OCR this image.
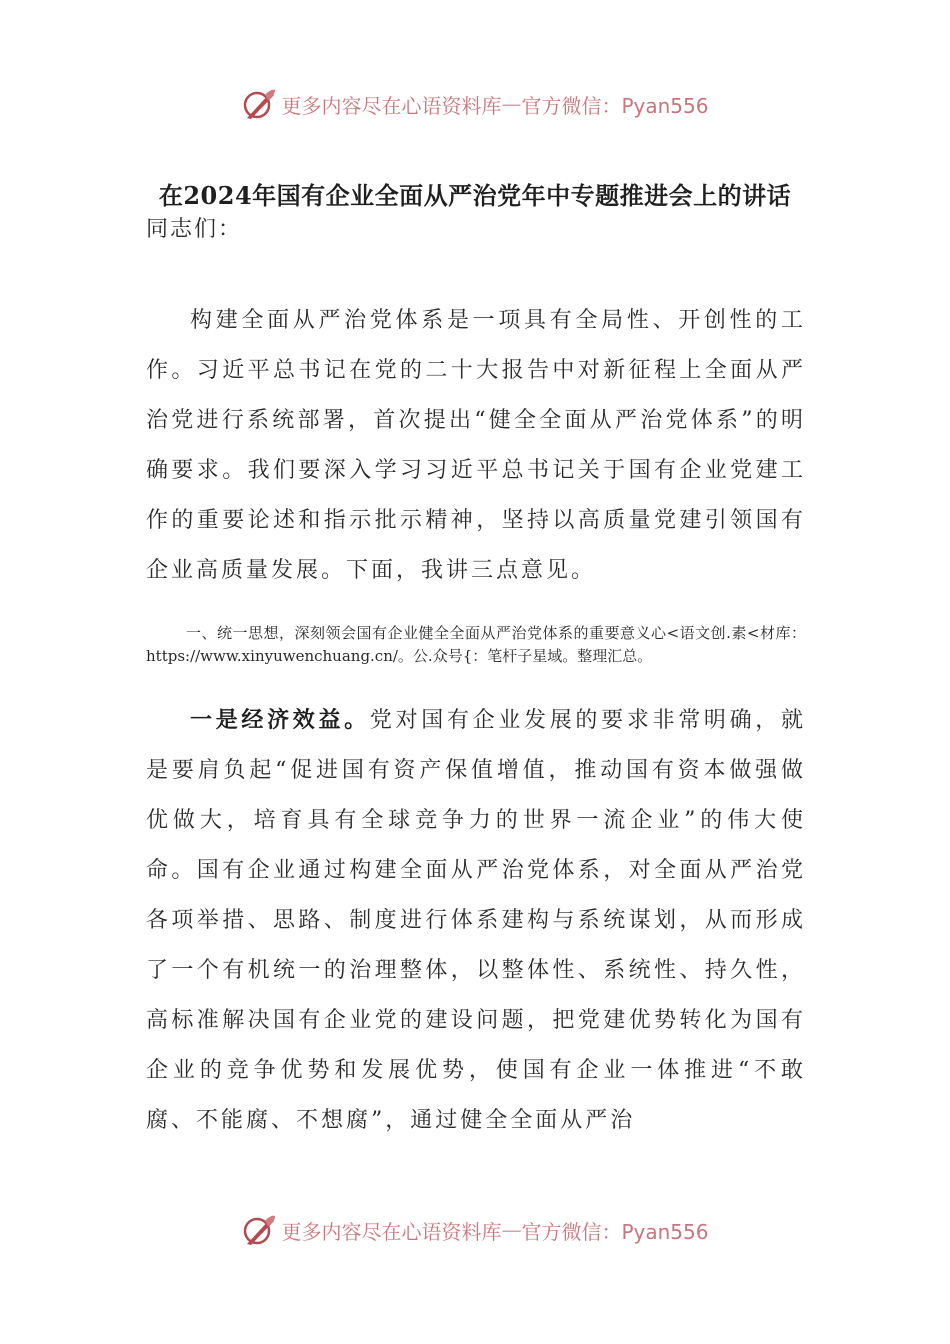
更多内容尽在心语资料库 — 官方微信：Pyan556
在2024年国有企业全面从严治党年中专题推进会上的讲话
同志们：
构建全面从严治党体系是一项具有全局性、开创性的工作。习近平总书记在党的二十大报告中对新征程上全面从严治党进行系统部署，首次提出“健全全面从严治党体系”的明确要求。我们要深入学习习近平总书记关于国有企业党建工作的重要论述和指示批示精神，坚持以高质量党建引领国有企业高质量发展。下面，我讲三点意见。
一、统一思想，深刻领会国有企业健全全面从严治党体系的重要意义心<语文创.素<材库：https://www.xinyuwenchuang.cn/。公.众号{：笔杆子星域。整理汇总。
一是经济效益。党对国有企业发展的要求非常明确，就是要肩负起“促进国有资产保值增值，推动国有资本做强做优做大，培育具有全球竞争力的世界一流企业”的伟大使命。国有企业通过构建全面从严治党体系，对全面从严治党各项举措、思路、制度进行体系建构与系统谋划，从而形成了一个有机统一的治理整体，以整体性、系统性、持久性，高标准解决国有企业党的建设问题，把党建优势转化为国有企业的竞争优势和发展优势，使国有企业一体推进“不敢腐、不能腐、不想腐”，通过健全全面从严治
更多内容尽在心语资料库 — 官方微信：Pyan556
